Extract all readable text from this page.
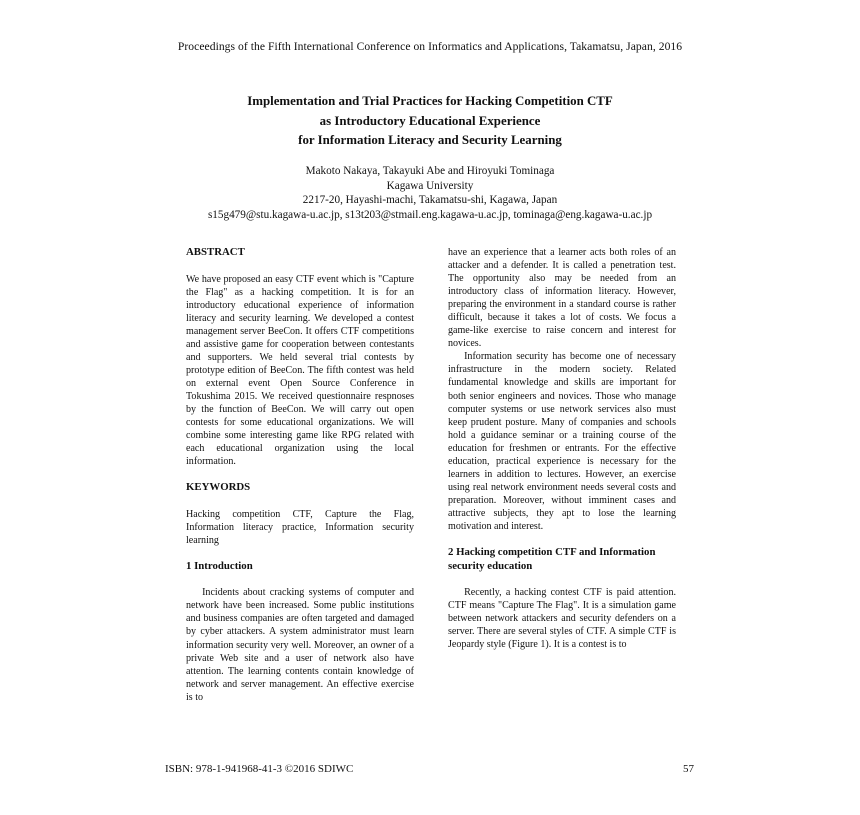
Proceedings of the Fifth International Conference on Informatics and Applications, Takamatsu, Japan, 2016
Implementation and Trial Practices for Hacking Competition CTF
as Introductory Educational Experience
for Information Literacy and Security Learning
Makoto Nakaya, Takayuki Abe and Hiroyuki Tominaga
Kagawa University
2217-20, Hayashi-machi, Takamatsu-shi, Kagawa, Japan
s15g479@stu.kagawa-u.ac.jp, s13t203@stmail.eng.kagawa-u.ac.jp, tominaga@eng.kagawa-u.ac.jp
ABSTRACT

We have proposed an easy CTF event which is "Capture the Flag" as a hacking competition. It is for an introductory educational experience of information literacy and security learning. We developed a contest management server BeeCon. It offers CTF competitions and assistive game for cooperation between contestants and supporters. We held several trial contests by prototype edition of BeeCon. The fifth contest was held on external event Open Source Conference in Tokushima 2015. We received questionnaire respnoses by the function of BeeCon. We will carry out open contests for some educational organizations. We will combine some interesting game like RPG related with each educational organization using the local information.

KEYWORDS

Hacking competition CTF, Capture the Flag, Information literacy practice, Information security learning

1 Introduction

Incidents about cracking systems of computer and network have been increased. Some public institutions and business companies are often targeted and damaged by cyber attackers. A system administrator must learn information security very well. Moreover, an owner of a private Web site and a user of network also have attention. The learning contents contain knowledge of network and server management. An effective exercise is to

have an experience that a learner acts both roles of an attacker and a defender. It is called a penetration test. The opportunity also may be needed from an introductory class of information literacy. However, preparing the environment in a standard course is rather difficult, because it takes a lot of costs. We focus a game-like exercise to raise concern and interest for novices.

Information security has become one of necessary infrastructure in the modern society. Related fundamental knowledge and skills are important for both senior engineers and novices. Those who manage computer systems or use network services also must keep prudent posture. Many of companies and schools hold a guidance seminar or a training course of the education for freshmen or entrants. For the effective education, practical experience is necessary for the learners in addition to lectures. However, an exercise using real network environment needs several costs and preparation. Moreover, without imminent cases and attractive subjects, they apt to lose the learning motivation and interest.

2 Hacking competition CTF and Information security education

Recently, a hacking contest CTF is paid attention. CTF means "Capture The Flag". It is a simulation game between network attackers and security defenders on a server. There are several styles of CTF. A simple CTF is Jeopardy style (Figure 1). It is a contest is to

ISBN: 978-1-941968-41-3 ©2016 SDIWC	57
